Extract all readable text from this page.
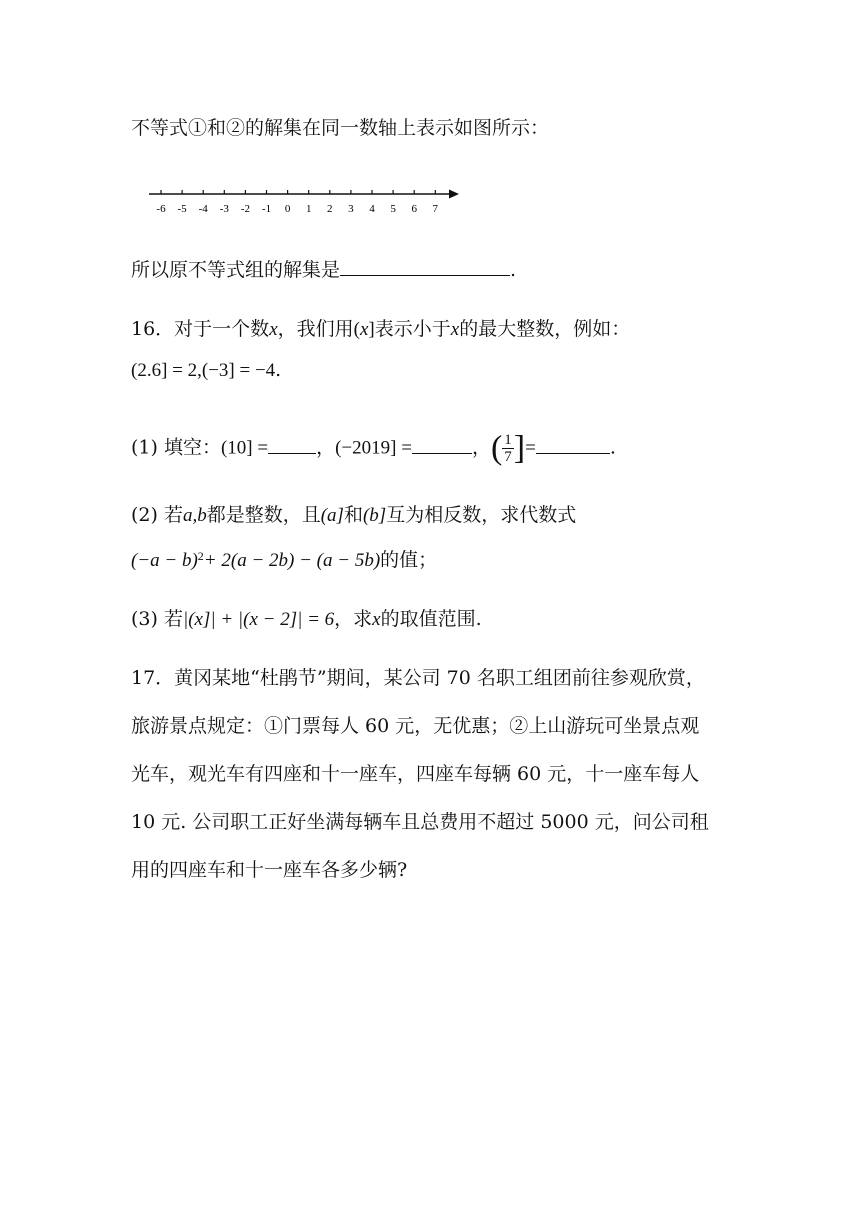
不等式①和②的解集在同一数轴上表示如图所示：
-6 -5 -4 -3 -2 -1 0 1 2 3 4 5 6 7
所以原不等式组的解集是	.
16．对于一个数x，我们用(x]表示小于x的最大整数，例如：
(2.6] = 2,(−3] = −4.
(1) 填空：(10] =	，(−2019] =	，( $\frac{1}{7}$ ]=	.
(2) 若a,b都是整数，且(a]和(b]互为相反数，求代数式
$(-a - b)^2+ 2(a - 2b) - (a - 5b)$的值；
(3) 若|(x]| + |(x − 2]| = 6，求x的取值范围.
17．黄冈某地“杜鹃节”期间，某公司 70 名职工组团前往参观欣赏，
旅游景点规定：①门票每人 60 元，无优惠；②上山游玩可坐景点观
光车，观光车有四座和十一座车，四座车每辆 60 元，十一座车每人
10 元. 公司职工正好坐满每辆车且总费用不超过 5000 元，问公司租
用的四座车和十一座车各多少辆?
